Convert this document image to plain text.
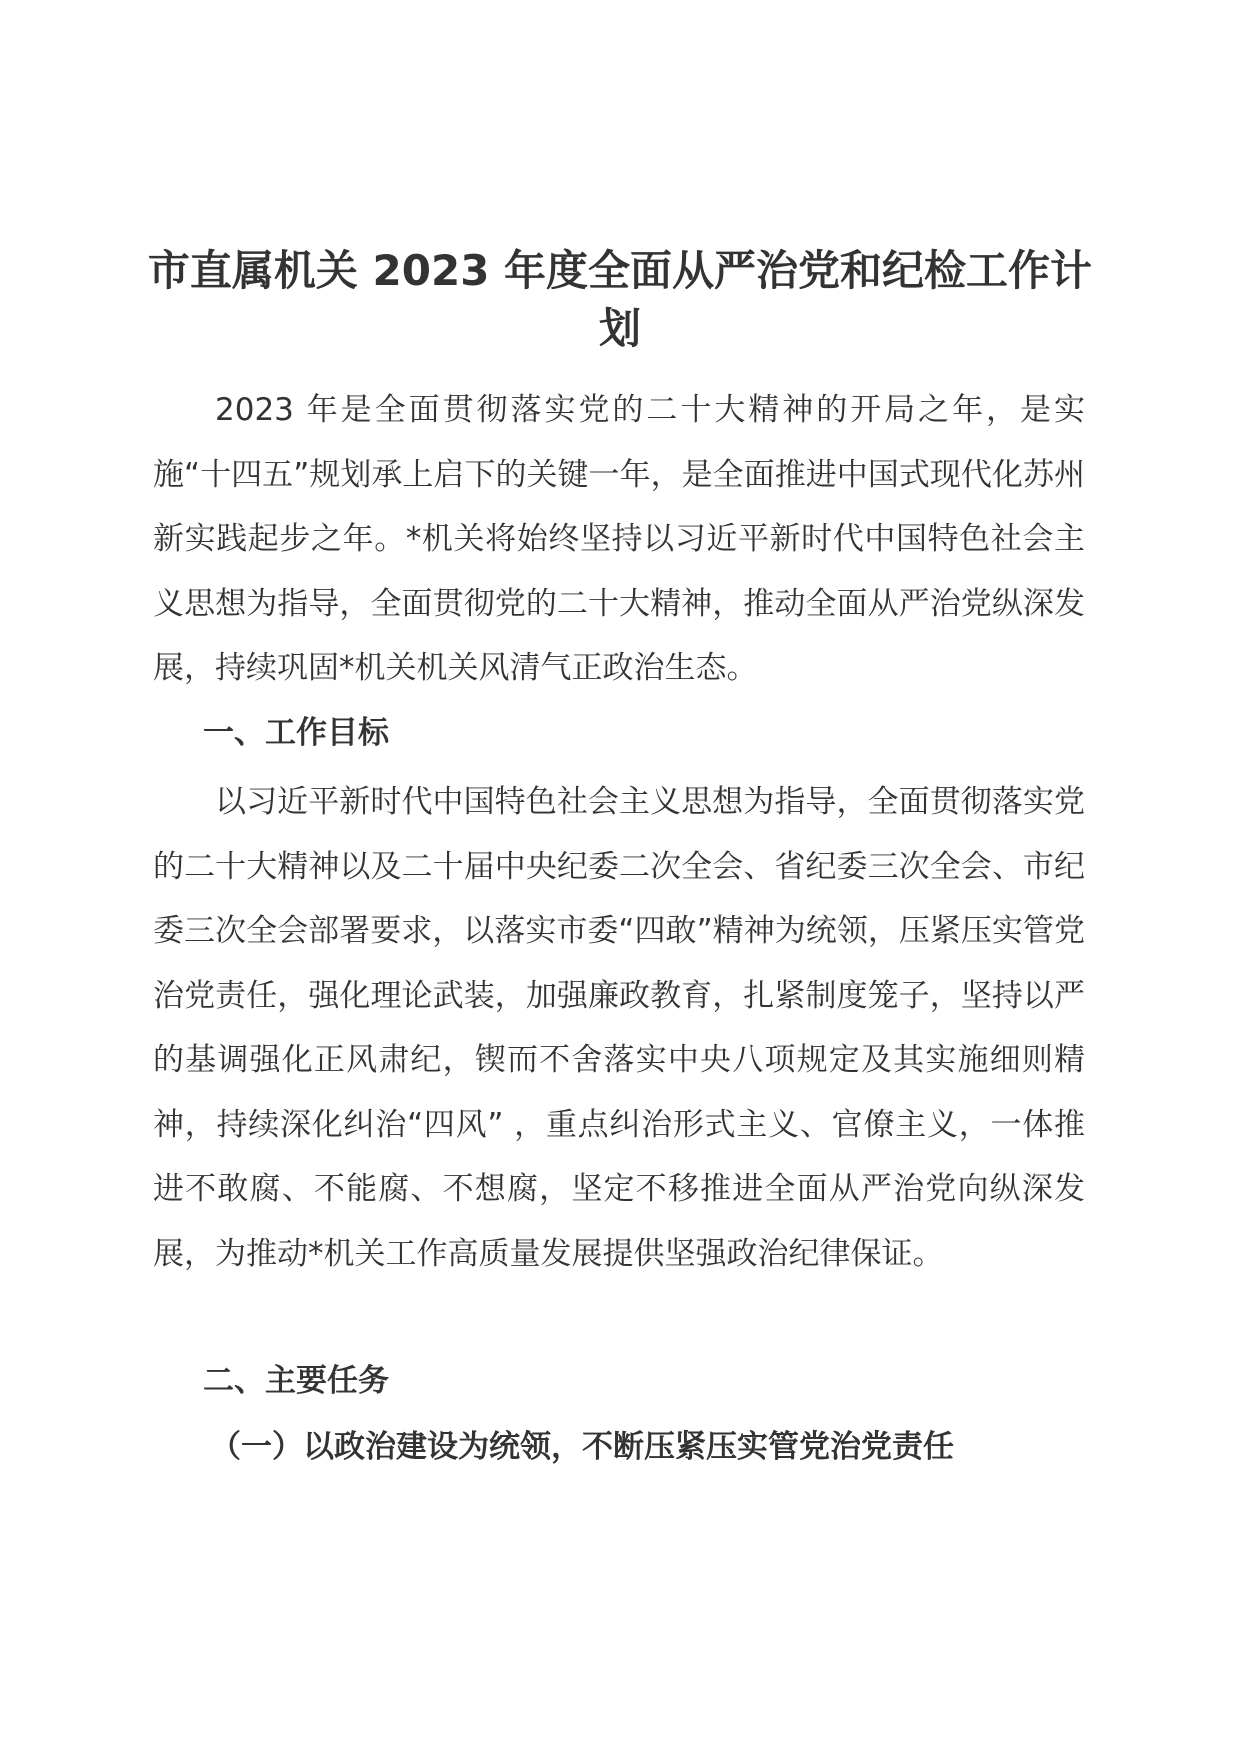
市直属机关 2023 年度全面从严治党和纪检工作计划

2023 年是全面贯彻落实党的二十大精神的开局之年，是实施“十四五”规划承上启下的关键一年，是全面推进中国式现代化苏州新实践起步之年。*机关将始终坚持以习近平新时代中国特色社会主义思想为指导，全面贯彻党的二十大精神，推动全面从严治党纵深发展，持续巩固*机关机关风清气正政治生态。

一、工作目标

以习近平新时代中国特色社会主义思想为指导，全面贯彻落实党的二十大精神以及二十届中央纪委二次全会、省纪委三次全会、市纪委三次全会部署要求，以落实市委“四敢”精神为统领，压紧压实管党治党责任，强化理论武装，加强廉政教育，扎紧制度笼子，坚持以严的基调强化正风肃纪，锲而不舍落实中央八项规定及其实施细则精神，持续深化纠治“四风” ，重点纠治形式主义、官僚主义，一体推进不敢腐、不能腐、不想腐，坚定不移推进全面从严治党向纵深发展，为推动*机关工作高质量发展提供坚强政治纪律保证。

二、主要任务
（一）以政治建设为统领，不断压紧压实管党治党责任
